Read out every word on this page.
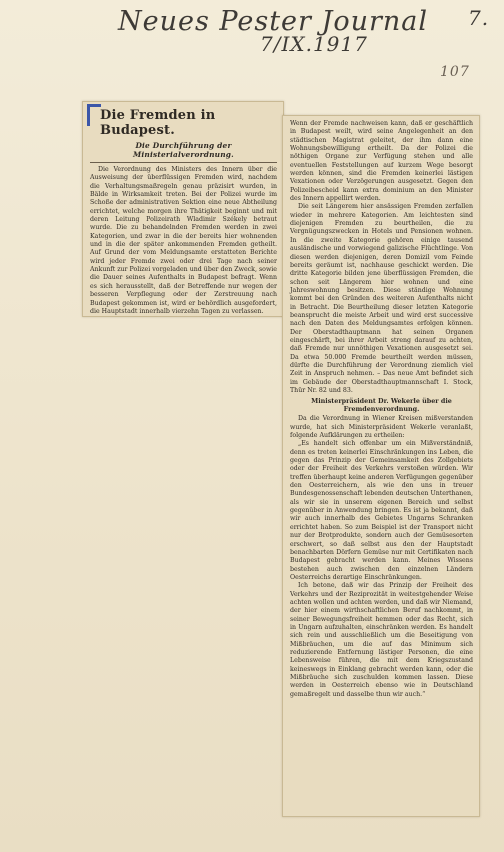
Neues Pester Journal
7/IX.1917
7.
107
Die Fremden in Budapest.
Die Durchführung der Ministerialverordnung.

Die Verordnung des Ministers des Innern über die Ausweisung der überflüssigen Fremden wird, nachdem die Verhaltungsmaßregeln genau präzisirt wurden, in Bälde in Wirksamkeit treten. Bei der Polizei wurde im Schoße der administrativen Sektion eine neue Abtheilung errichtet, welche morgen ihre Thätigkeit beginnt und mit deren Leitung Polizeirath Wladimir Székely betraut wurde. Die zu behandelnden Fremden werden in zwei Kategorien, und zwar in die der bereits hier wohnenden und in die der später ankommenden Fremden getheilt. Auf Grund der vom Meldungsamte erstatteten Berichte wird jeder Fremde zwei oder drei Tage nach seiner Ankunft zur Polizei vorgeladen und über den Zweck, sowie die Dauer seines Aufenthalts in Budapest befragt. Wenn es sich herausstellt, daß der Betreffende nur wegen der besseren Verpflegung oder der Zerstreuung nach Budapest gekommen ist, wird er behördlich ausgefordert, die Hauptstadt innerhalb vierzehn Tagen zu verlassen.

Wenn der Fremde nachweisen kann, daß er geschäftlich in Budapest weilt, wird seine Angelegenheit an den städtischen Magistrat geleitet, der ihm dann eine Wohnungsbewilligung ertheilt. Da der Polizei die nöthigen Organe zur Verfügung stehen und alle eventuellen Feststellungen auf kurzem Wege besorgt werden können, sind die Fremden keinerlei lästigen Vexationen oder Verzögerungen ausgesetzt. Gegen den Polizeibescheid kann extra dominium an den Minister des Innern appellirt werden.

Die seit Längerem hier ansässigen Fremden zerfallen wieder in mehrere Kategorien. Am leichtesten sind diejenigen Fremden zu beurtheilen, die zu Vergnügungszwecken in Hotels und Pensionen wohnen. In die zweite Kategorie gehören einige tausend ausländische und vorwiegend galizische Flüchtlinge. Von diesen werden diejenigen, deren Domizil vom Feinde bereits geräumt ist, nachhause geschickt werden. Die dritte Kategorie bilden jene überflüssigen Fremden, die schon seit Längerem hier wohnen und eine Jahreswohnung besitzen. Diese ständige Wohnung kommt bei den Gründen des weiteren Aufenthalts nicht in Betracht. Die Beurtheilung dieser letzten Kategorie beansprucht die meiste Arbeit und wird erst successive nach den Daten des Meldungsamtes erfolgen können. Der Oberstadthauptmann hat seinen Organen eingeschärft, bei ihrer Arbeit streng darauf zu achten, daß Fremde nur unnöthigen Vexationen ausgesetzt sei. Da etwa 50.000 Fremde beurtheilt werden müssen, dürfte die Durchführung der Verordnung ziemlich viel Zeit in Anspruch nehmen. – Das neue Amt befindet sich im Gebäude der Oberstadthauptmannschaft I. Stock, Thür Nr. 82 und 83.

Ministerpräsident Dr. Wekerle über die Fremdenverordnung.

Da die Verordnung in Wiener Kreisen mißverstanden wurde, hat sich Ministerpräsident Wekerle veranlaßt, folgende Aufklärungen zu ertheilen:

„Es handelt sich offenbar um ein Mißverständniß, denn es treten keinerlei Einschränkungen ins Leben, die gegen das Prinzip der Gemeinsamkeit des Zollgebiets oder der Freiheit des Verkehrs verstoßen würden. Wir treffen überhaupt keine anderen Verfügungen gegenüber den Oesterreichern, als wie den uns in treuer Bundesgenossenschaft lebenden deutschen Unterthanen, als wir sie in unserem eigenen Bereich und selbst gegenüber in Anwendung bringen. Es ist ja bekannt, daß wir auch innerhalb des Gebietes Ungarns Schranken errichtet haben. So zum Beispiel ist der Transport nicht nur der Brotprodukte, sondern auch der Gemüsesorten erschwert, so daß selbst aus den der Hauptstadt benachbarten Dörfern Gemüse nur mit Certifikaten nach Budapest gebracht werden kann. Meines Wissens bestehen auch zwischen den einzelnen Ländern Oesterreichs derartige Einschränkungen.

Ich betone, daß wir das Prinzip der Freiheit des Verkehrs und der Reziprozität in weitestgehender Weise achten wollen und achten werden, und daß wir Niemand, der hier einem wirthschaftlichen Beruf nachkommt, in seiner Bewegungsfreiheit hemmen oder das Recht, sich in Ungarn aufzuhalten, einschränken werden. Es handelt sich rein und ausschließlich um die Beseitigung von Mißbräuchen, um die auf das Minimum sich reduzierende Entfernung lästiger Personen, die eine Lebensweise führen, die mit dem Kriegszustand keineswegs in Einklang gebracht werden kann, oder die Mißbräuche sich zuschulden kommen lassen. Diese werden in Oesterreich ebenso wie in Deutschland gemaßregelt und dasselbe thun wir auch.“
